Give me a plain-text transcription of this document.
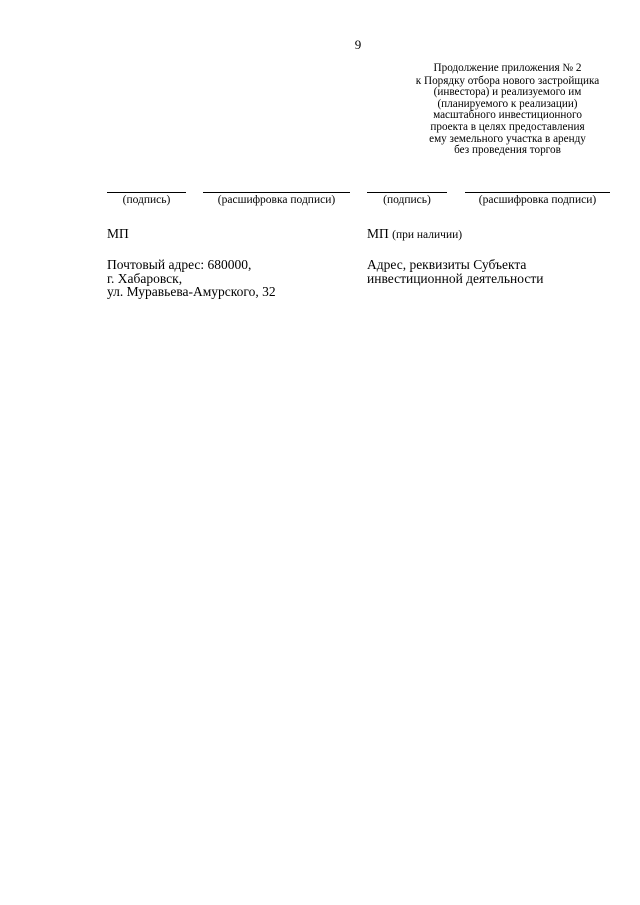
9
Продолжение приложения № 2
к Порядку отбора нового застройщика
(инвестора) и реализуемого им
(планируемого к реализации)
масштабного инвестиционного
проекта в целях предоставления
ему земельного участка в аренду
без проведения торгов
(подпись)	(расшифровка подписи)	(подпись)	(расшифровка подписи)
МП	МП (при наличии)
Почтовый адрес: 680000,
г. Хабаровск,
ул. Муравьева-Амурского, 32
Адрес, реквизиты Субъекта
инвестиционной деятельности
